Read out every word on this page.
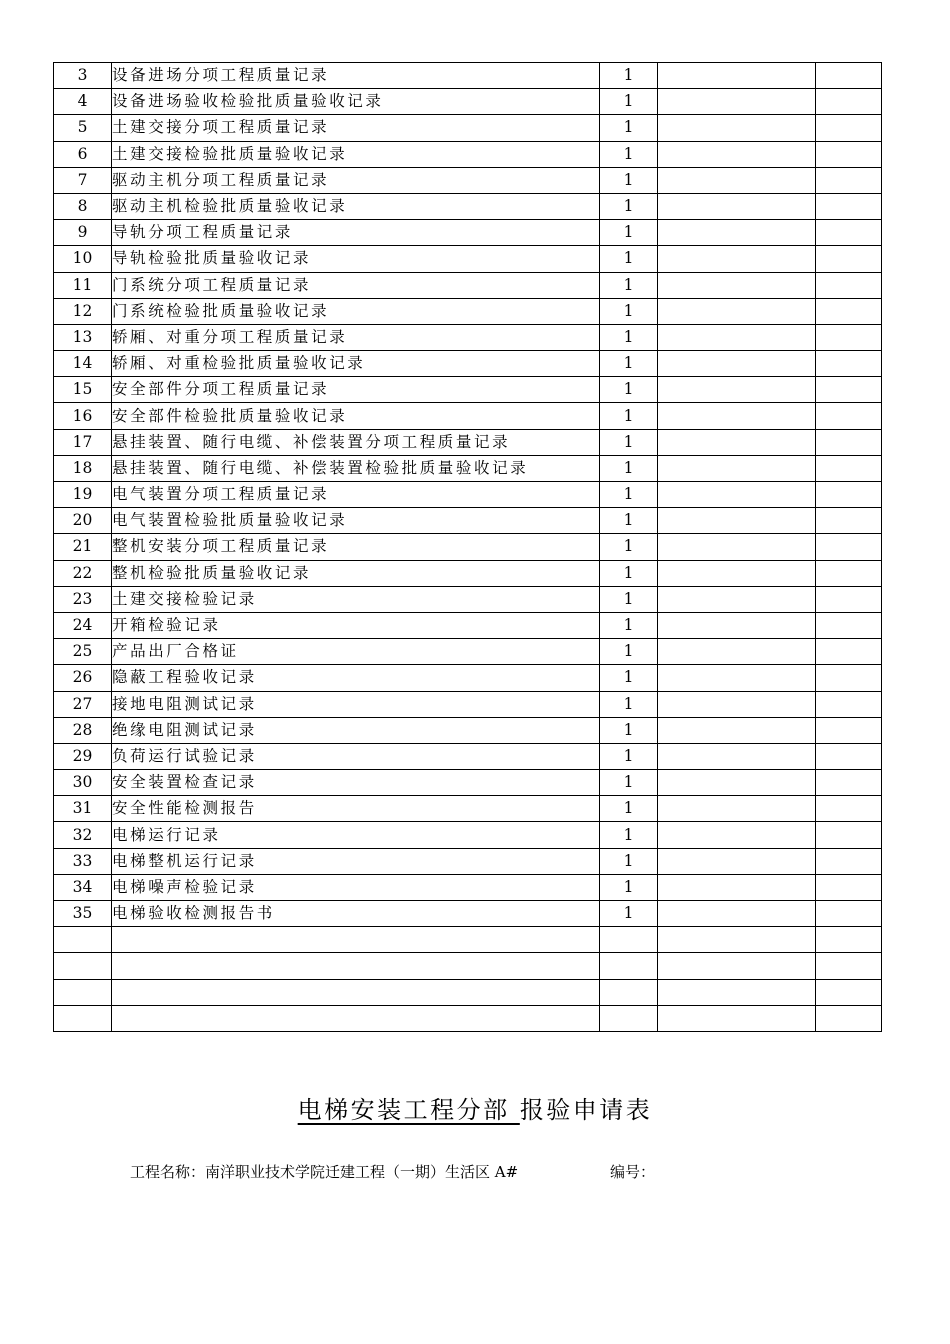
3	设备进场分项工程质量记录	1		
4	设备进场验收检验批质量验收记录	1		
5	土建交接分项工程质量记录	1		
6	土建交接检验批质量验收记录	1		
7	驱动主机分项工程质量记录	1		
8	驱动主机检验批质量验收记录	1		
9	导轨分项工程质量记录	1		
10	导轨检验批质量验收记录	1		
11	门系统分项工程质量记录	1		
12	门系统检验批质量验收记录	1		
13	轿厢、对重分项工程质量记录	1		
14	轿厢、对重检验批质量验收记录	1		
15	安全部件分项工程质量记录	1		
16	安全部件检验批质量验收记录	1		
17	悬挂装置、随行电缆、补偿装置分项工程质量记录	1		
18	悬挂装置、随行电缆、补偿装置检验批质量验收记录	1		
19	电气装置分项工程质量记录	1		
20	电气装置检验批质量验收记录	1		
21	整机安装分项工程质量记录	1		
22	整机检验批质量验收记录	1		
23	土建交接检验记录	1		
24	开箱检验记录	1		
25	产品出厂合格证	1		
26	隐蔽工程验收记录	1		
27	接地电阻测试记录	1		
28	绝缘电阻测试记录	1		
29	负荷运行试验记录	1		
30	安全装置检查记录	1		
31	安全性能检测报告	1		
32	电梯运行记录	1		
33	电梯整机运行记录	1		
34	电梯噪声检验记录	1		
35	电梯验收检测报告书	1		

电梯安装工程分部 报验申请表
工程名称：南洋职业技术学院迁建工程（一期）生活区 A#	编号：
